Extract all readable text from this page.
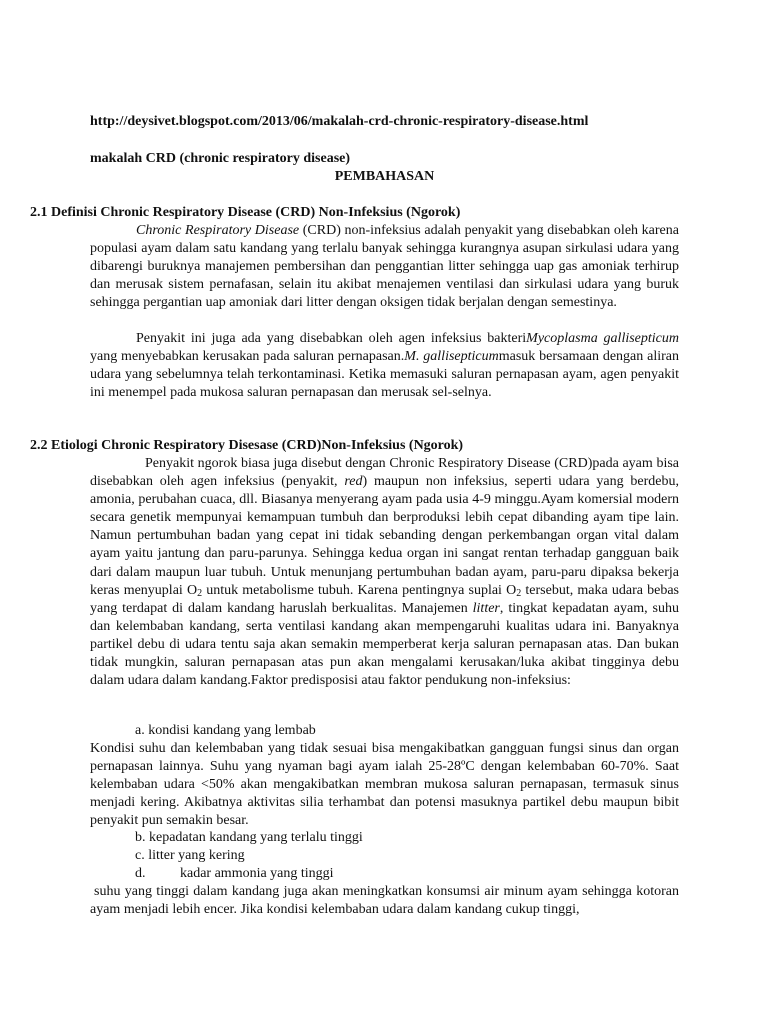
http://deysivet.blogspot.com/2013/06/makalah-crd-chronic-respiratory-disease.html
makalah CRD (chronic respiratory disease)
PEMBAHASAN
2.1 Definisi Chronic Respiratory Disease (CRD) Non-Infeksius (Ngorok)

Chronic Respiratory Disease (CRD) non-infeksius adalah penyakit yang disebabkan oleh karena populasi ayam dalam satu kandang yang terlalu banyak sehingga kurangnya asupan sirkulasi udara yang dibarengi buruknya manajemen pembersihan dan penggantian litter sehingga uap gas amoniak terhirup dan merusak sistem pernafasan, selain itu akibat menajemen ventilasi dan sirkulasi udara yang buruk sehingga pergantian uap amoniak dari litter dengan oksigen tidak berjalan dengan semestinya.

Penyakit ini juga ada yang disebabkan oleh agen infeksius bakteriMycoplasma gallisepticum yang menyebabkan kerusakan pada saluran pernapasan.M. gallisepticummasuk bersamaan dengan aliran udara yang sebelumnya telah terkontaminasi. Ketika memasuki saluran pernapasan ayam, agen penyakit ini menempel pada mukosa saluran pernapasan dan merusak sel-selnya.

2.2 Etiologi Chronic Respiratory Disesase (CRD)Non-Infeksius (Ngorok)

Penyakit ngorok biasa juga disebut dengan Chronic Respiratory Disease (CRD)pada ayam bisa disebabkan oleh agen infeksius (penyakit, red) maupun non infeksius, seperti udara yang berdebu, amonia, perubahan cuaca, dll. Biasanya menyerang ayam pada usia 4-9 minggu.Ayam komersial modern secara genetik mempunyai kemampuan tumbuh dan berproduksi lebih cepat dibanding ayam tipe lain. Namun pertumbuhan badan yang cepat ini tidak sebanding dengan perkembangan organ vital dalam ayam yaitu jantung dan paru-parunya. Sehingga kedua organ ini sangat rentan terhadap gangguan baik dari dalam maupun luar tubuh. Untuk menunjang pertumbuhan badan ayam, paru-paru dipaksa bekerja keras menyuplai $O_2$ untuk metabolisme tubuh. Karena pentingnya suplai $O_2$ tersebut, maka udara bebas yang terdapat di dalam kandang haruslah berkualitas. Manajemen litter, tingkat kepadatan ayam, suhu dan kelembaban kandang, serta ventilasi kandang akan mempengaruhi kualitas udara ini. Banyaknya partikel debu di udara tentu saja akan semakin memperberat kerja saluran pernapasan atas. Dan bukan tidak mungkin, saluran pernapasan atas pun akan mengalami kerusakan/luka akibat tingginya debu dalam udara dalam kandang.Faktor predisposisi atau faktor pendukung non-infeksius:

a. kondisi kandang yang lembab

Kondisi suhu dan kelembaban yang tidak sesuai bisa mengakibatkan gangguan fungsi sinus dan organ pernapasan lainnya. Suhu yang nyaman bagi ayam ialah 25-28ºC dengan kelembaban 60-70%. Saat kelembaban udara <50% akan mengakibatkan membran mukosa saluran pernapasan, termasuk sinus menjadi kering. Akibatnya aktivitas silia terhambat dan potensi masuknya partikel debu maupun bibit penyakit pun semakin besar.

b. kepadatan kandang yang terlalu tinggi
c. litter yang kering
d. kadar ammonia yang tinggi

suhu yang tinggi dalam kandang juga akan meningkatkan konsumsi air minum ayam sehingga kotoran ayam menjadi lebih encer. Jika kondisi kelembaban udara dalam kandang cukup tinggi,
